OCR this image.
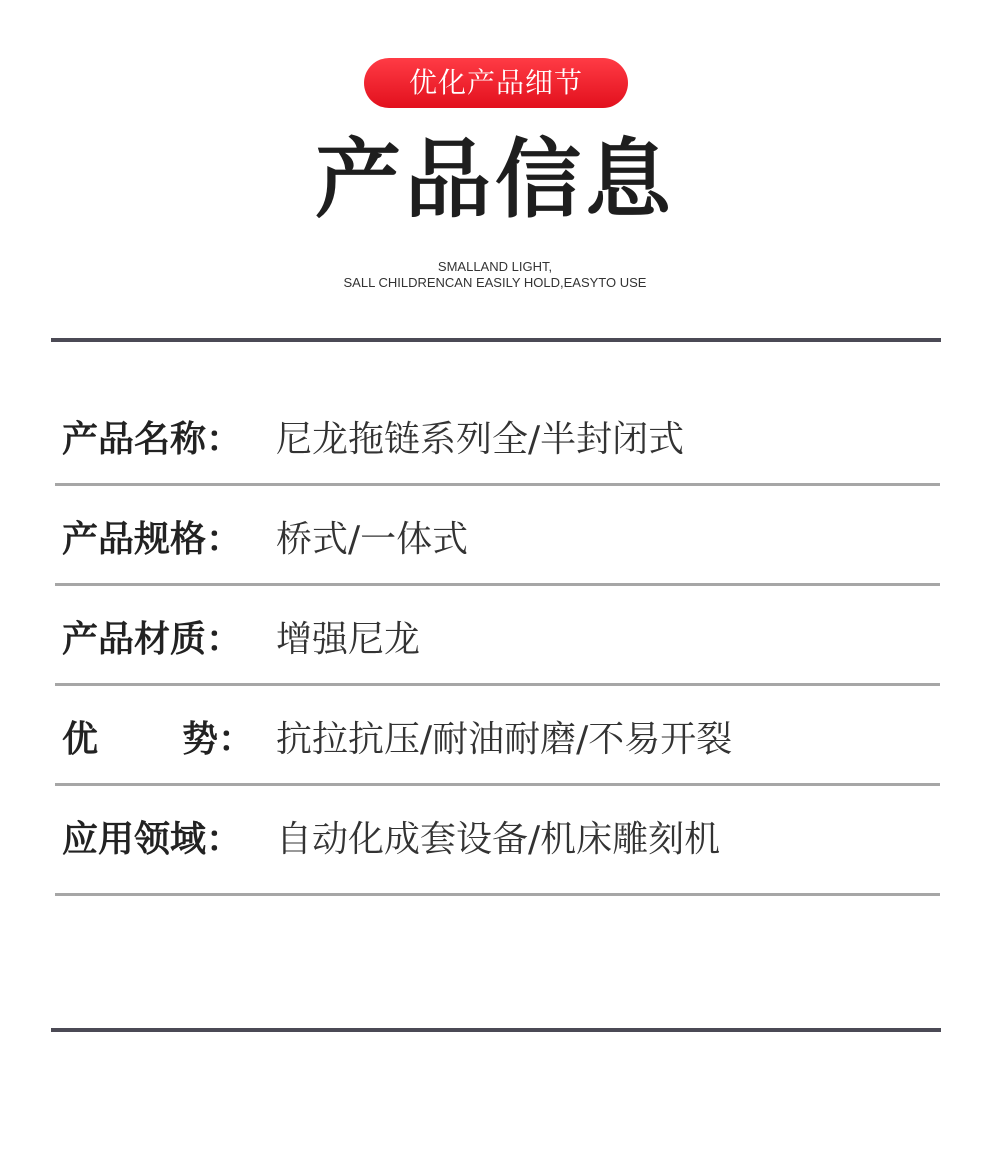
优化产品细节
产品信息
SMALLAND LIGHT,
SALL CHILDRENCAN EASILY HOLD,EASYTO USE
产品名称： 尼龙拖链系列全/半封闭式
产品规格： 桥式/一体式
产品材质： 增强尼龙
优 势： 抗拉抗压/耐油耐磨/不易开裂
应用领域： 自动化成套设备/机床雕刻机
